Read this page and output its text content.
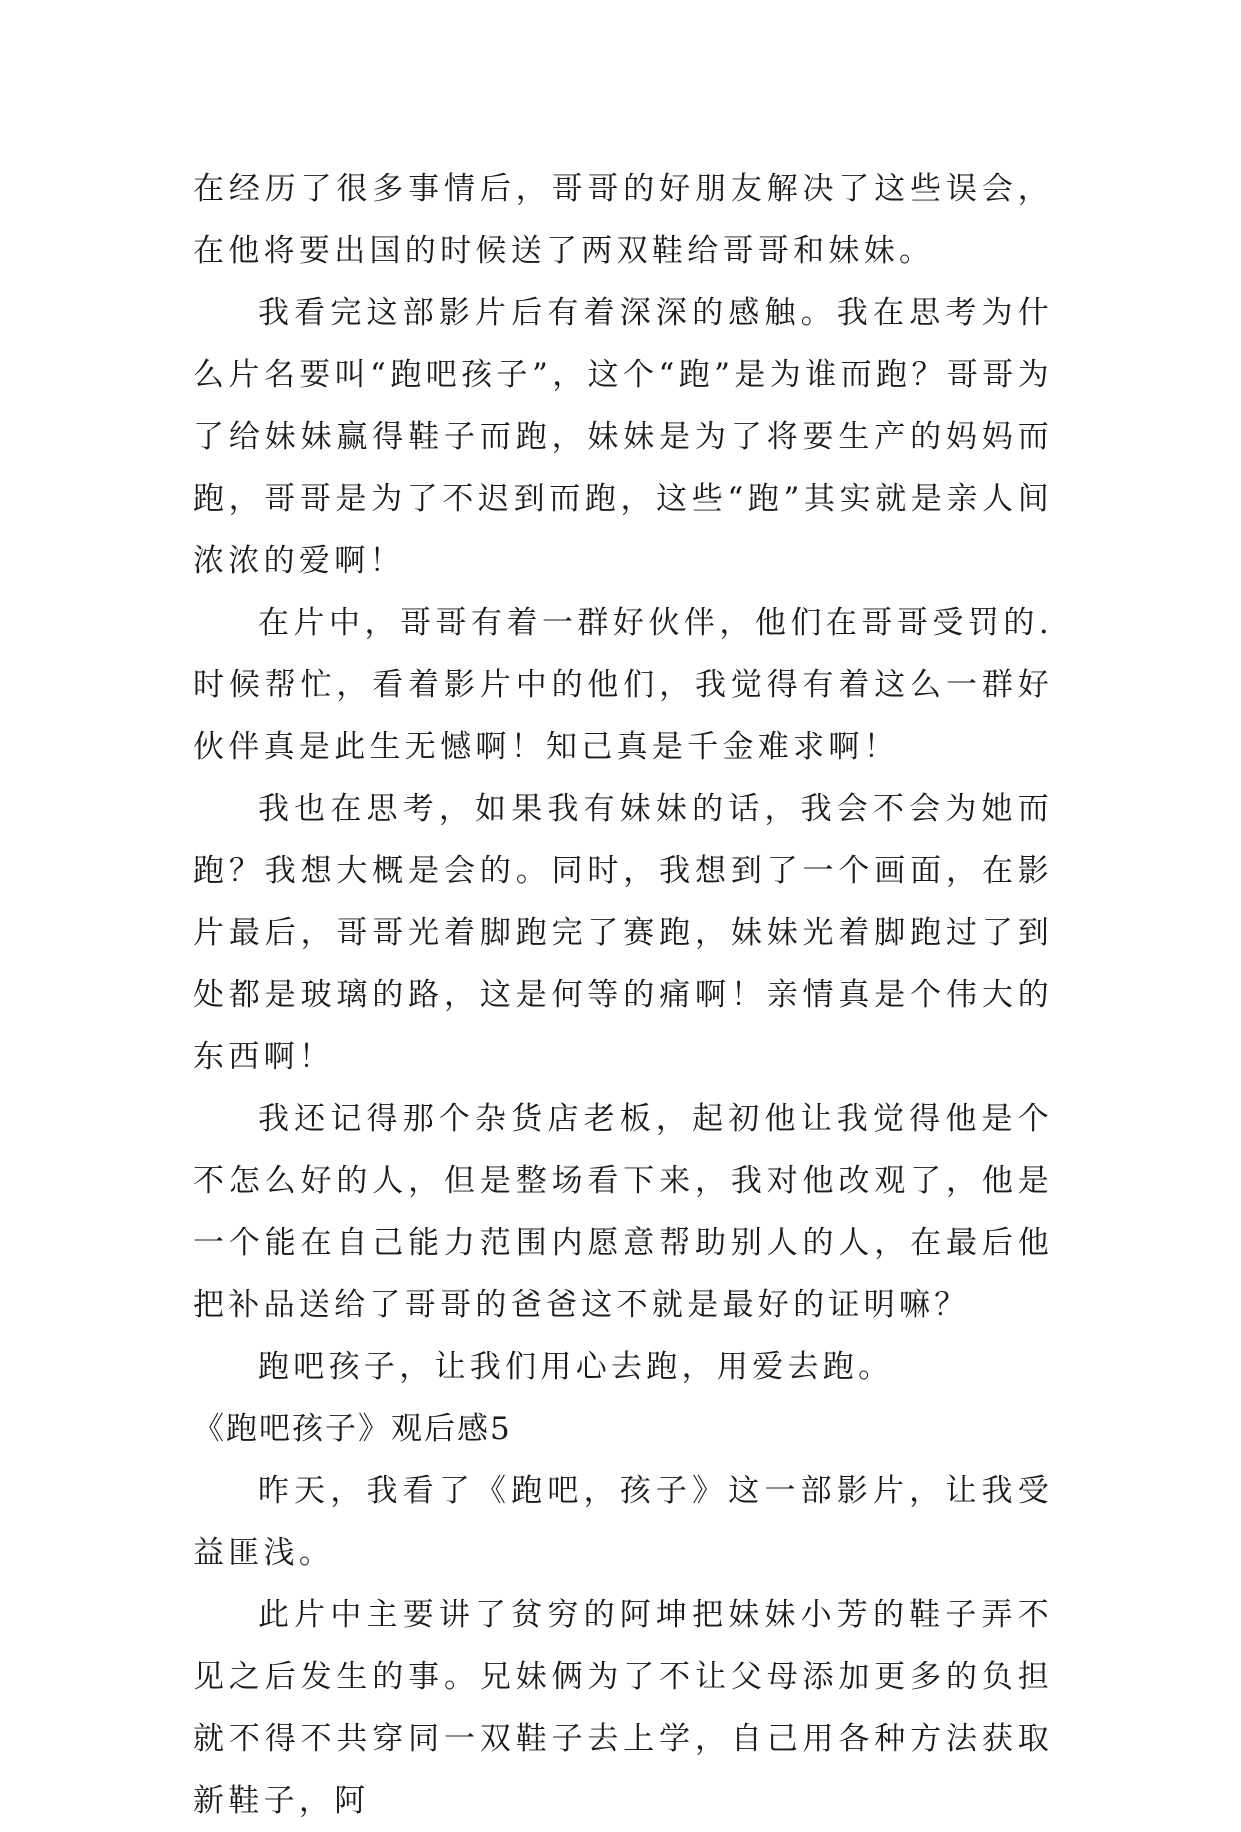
在经历了很多事情后，哥哥的好朋友解决了这些误会，在他将要出国的时候送了两双鞋给哥哥和妹妹。

我看完这部影片后有着深深的感触。我在思考为什么片名要叫“跑吧孩子”，这个“跑”是为谁而跑？哥哥为了给妹妹赢得鞋子而跑，妹妹是为了将要生产的妈妈而跑，哥哥是为了不迟到而跑，这些“跑”其实就是亲人间浓浓的爱啊！

在片中，哥哥有着一群好伙伴，他们在哥哥受罚的.时候帮忙，看着影片中的他们，我觉得有着这么一群好伙伴真是此生无憾啊！知己真是千金难求啊！

我也在思考，如果我有妹妹的话，我会不会为她而跑？我想大概是会的。同时，我想到了一个画面，在影片最后，哥哥光着脚跑完了赛跑，妹妹光着脚跑过了到处都是玻璃的路，这是何等的痛啊！亲情真是个伟大的东西啊！

我还记得那个杂货店老板，起初他让我觉得他是个不怎么好的人，但是整场看下来，我对他改观了，他是一个能在自己能力范围内愿意帮助别人的人，在最后他把补品送给了哥哥的爸爸这不就是最好的证明嘛？

跑吧孩子，让我们用心去跑，用爱去跑。

《跑吧孩子》观后感5

昨天，我看了《跑吧，孩子》这一部影片，让我受益匪浅。

此片中主要讲了贫穷的阿坤把妹妹小芳的鞋子弄不见之后发生的事。兄妹俩为了不让父母添加更多的负担就不得不共穿同一双鞋子去上学，自己用各种方法获取新鞋子，阿
